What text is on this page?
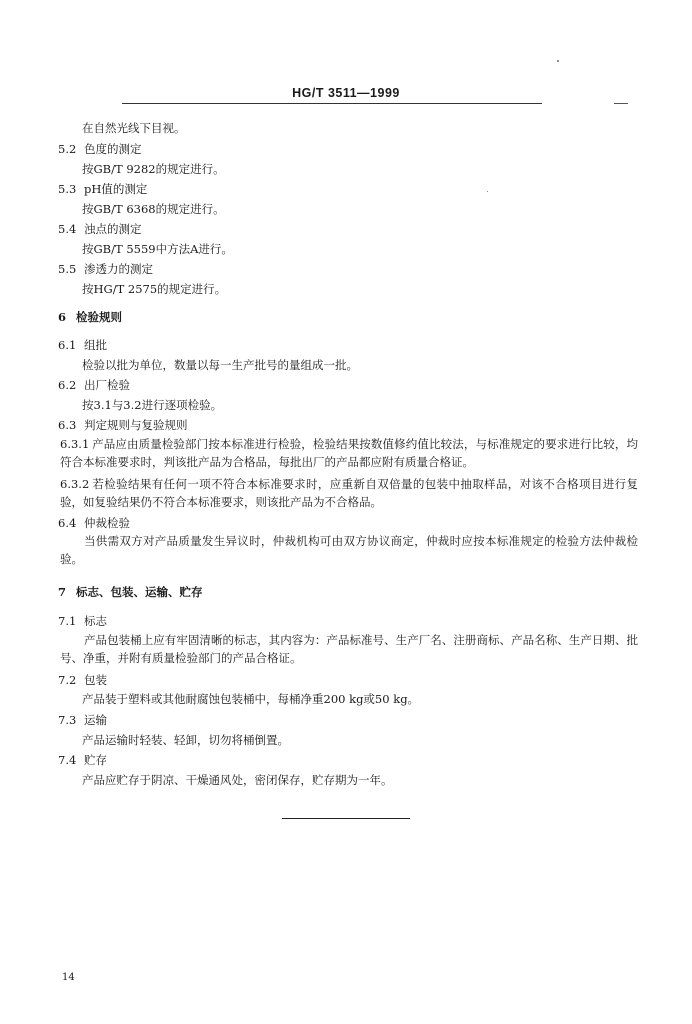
HG/T 3511—1999
在自然光线下目视。
5.2 色度的测定
按GB/T 9282的规定进行。
5.3 pH值的测定
按GB/T 6368的规定进行。
5.4 浊点的测定
按GB/T 5559中方法A进行。
5.5 渗透力的测定
按HG/T 2575的规定进行。
6 检验规则
6.1 组批
检验以批为单位，数量以每一生产批号的量组成一批。
6.2 出厂检验
按3.1与3.2进行逐项检验。
6.3 判定规则与复验规则
6.3.1 产品应由质量检验部门按本标准进行检验，检验结果按数值修约值比较法，与标准规定的要求进行比较，均符合本标准要求时，判该批产品为合格品，每批出厂的产品都应附有质量合格证。
6.3.2 若检验结果有任何一项不符合本标准要求时，应重新自双倍量的包装中抽取样品，对该不合格项目进行复验，如复验结果仍不符合本标准要求，则该批产品为不合格品。
6.4 仲裁检验
当供需双方对产品质量发生异议时，仲裁机构可由双方协议商定，仲裁时应按本标准规定的检验方法仲裁检验。
7 标志、包装、运输、贮存
7.1 标志
产品包装桶上应有牢固清晰的标志，其内容为：产品标准号、生产厂名、注册商标、产品名称、生产日期、批号、净重，并附有质量检验部门的产品合格证。
7.2 包装
产品装于塑料或其他耐腐蚀包装桶中，每桶净重200 kg或50 kg。
7.3 运输
产品运输时轻装、轻卸，切勿将桶倒置。
7.4 贮存
产品应贮存于阴凉、干燥通风处，密闭保存，贮存期为一年。
14
